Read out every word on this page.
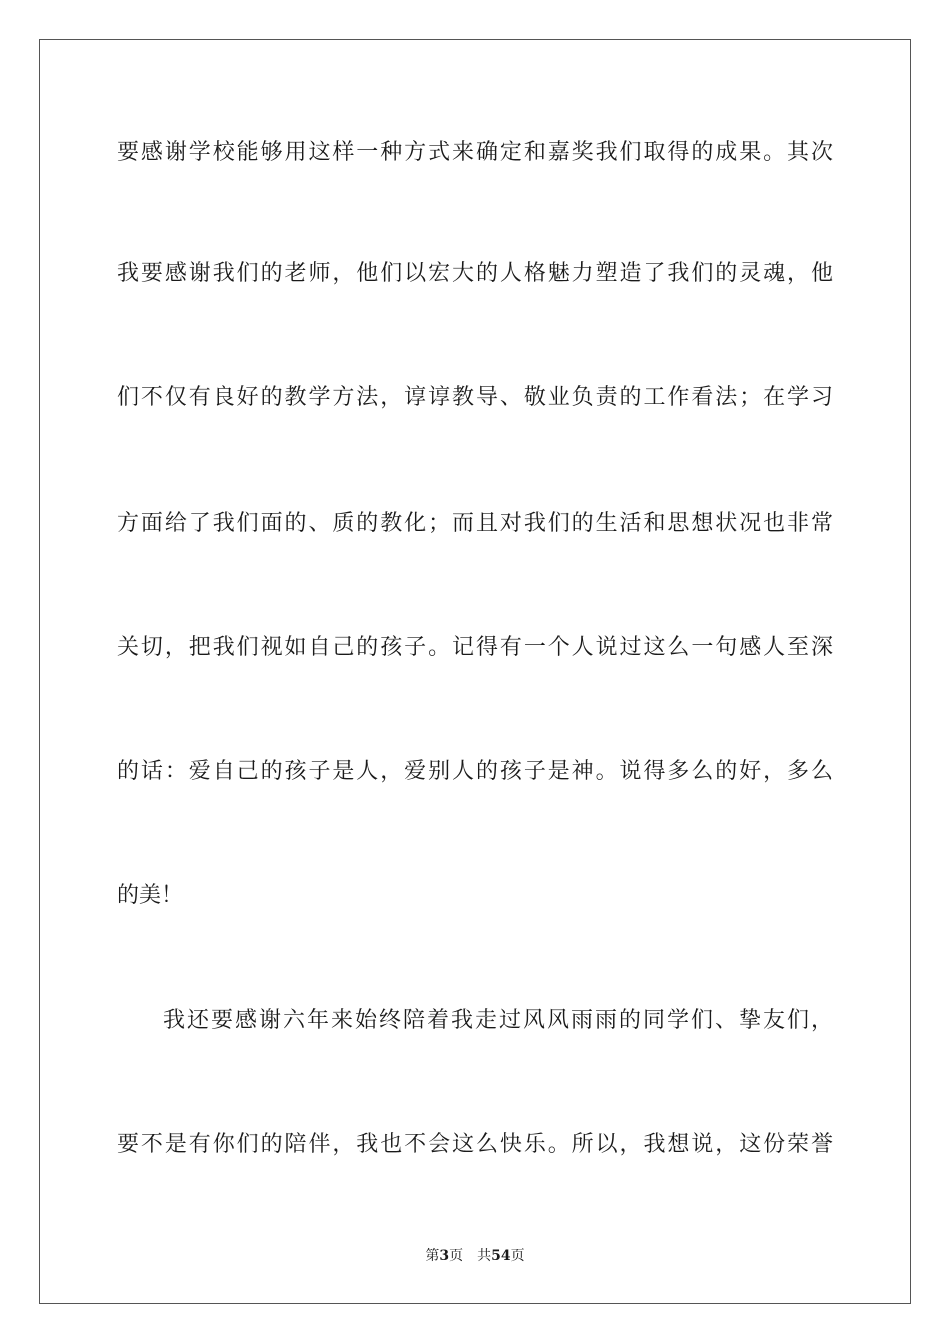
要感谢学校能够用这样一种方式来确定和嘉奖我们取得的成果。其次
我要感谢我们的老师，他们以宏大的人格魅力塑造了我们的灵魂，他
们不仅有良好的教学方法，谆谆教导、敬业负责的工作看法；在学习
方面给了我们面的、质的教化；而且对我们的生活和思想状况也非常
关切，把我们视如自己的孩子。记得有一个人说过这么一句感人至深
的话：爱自己的孩子是人，爱别人的孩子是神。说得多么的好，多么
的美！
我还要感谢六年来始终陪着我走过风风雨雨的同学们、挚友们，
要不是有你们的陪伴，我也不会这么快乐。所以，我想说，这份荣誉
第3页 共54页
